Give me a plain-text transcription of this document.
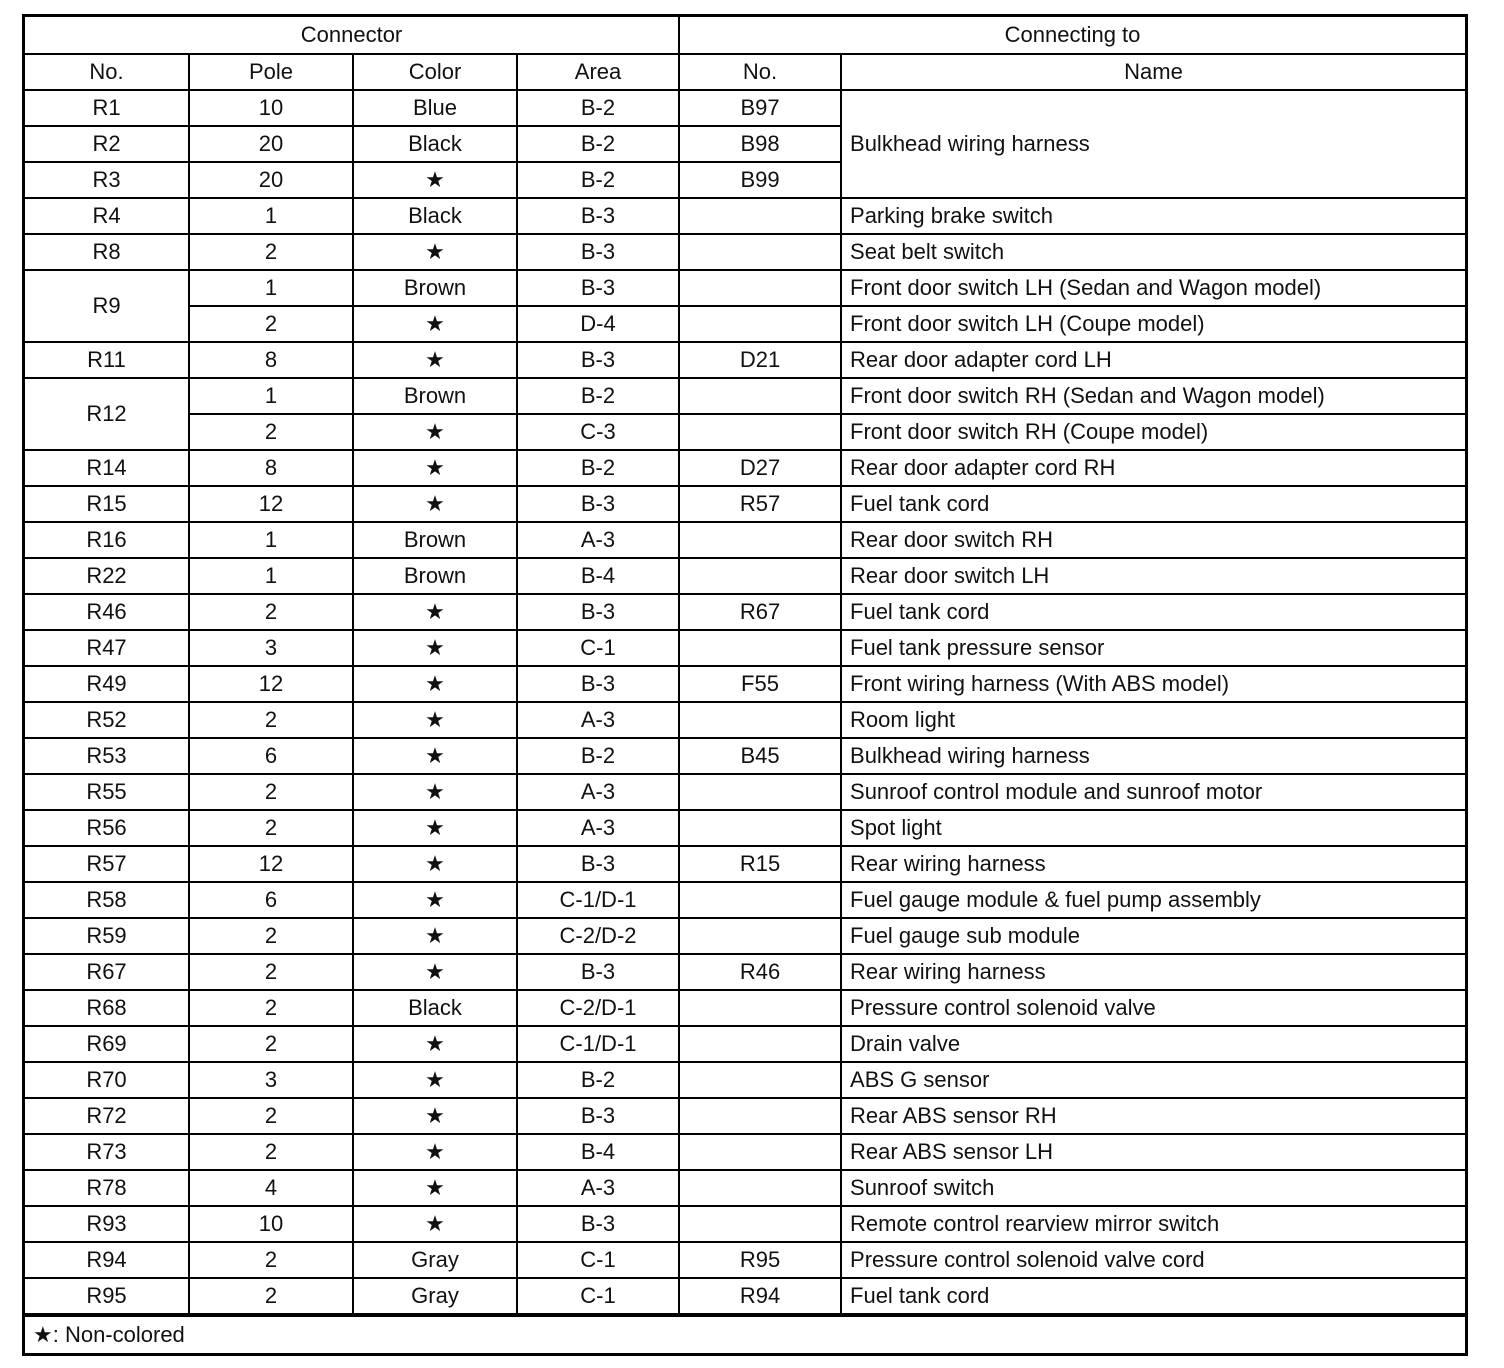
Connector				Connecting to	
No.	Pole	Color	Area	No.	Name
R1	10	Blue	B-2	B97	Bulkhead wiring harness
R2	20	Black	B-2	B98	
R3	20	★	B-2	B99	
R4	1	Black	B-3		Parking brake switch
R8	2	★	B-3		Seat belt switch
R9	1	Brown	B-3		Front door switch LH (Sedan and Wagon model)
	2	★	D-4		Front door switch LH (Coupe model)
R11	8	★	B-3	D21	Rear door adapter cord LH
R12	1	Brown	B-2		Front door switch RH (Sedan and Wagon model)
	2	★	C-3		Front door switch RH (Coupe model)
R14	8	★	B-2	D27	Rear door adapter cord RH
R15	12	★	B-3	R57	Fuel tank cord
R16	1	Brown	A-3		Rear door switch RH
R22	1	Brown	B-4		Rear door switch LH
R46	2	★	B-3	R67	Fuel tank cord
R47	3	★	C-1		Fuel tank pressure sensor
R49	12	★	B-3	F55	Front wiring harness (With ABS model)
R52	2	★	A-3		Room light
R53	6	★	B-2	B45	Bulkhead wiring harness
R55	2	★	A-3		Sunroof control module and sunroof motor
R56	2	★	A-3		Spot light
R57	12	★	B-3	R15	Rear wiring harness
R58	6	★	C-1/D-1		Fuel gauge module & fuel pump assembly
R59	2	★	C-2/D-2		Fuel gauge sub module
R67	2	★	B-3	R46	Rear wiring harness
R68	2	Black	C-2/D-1		Pressure control solenoid valve
R69	2	★	C-1/D-1		Drain valve
R70	3	★	B-2		ABS G sensor
R72	2	★	B-3		Rear ABS sensor RH
R73	2	★	B-4		Rear ABS sensor LH
R78	4	★	A-3		Sunroof switch
R93	10	★	B-3		Remote control rearview mirror switch
R94	2	Gray	C-1	R95	Pressure control solenoid valve cord
R95	2	Gray	C-1	R94	Fuel tank cord
★: Non-colored
